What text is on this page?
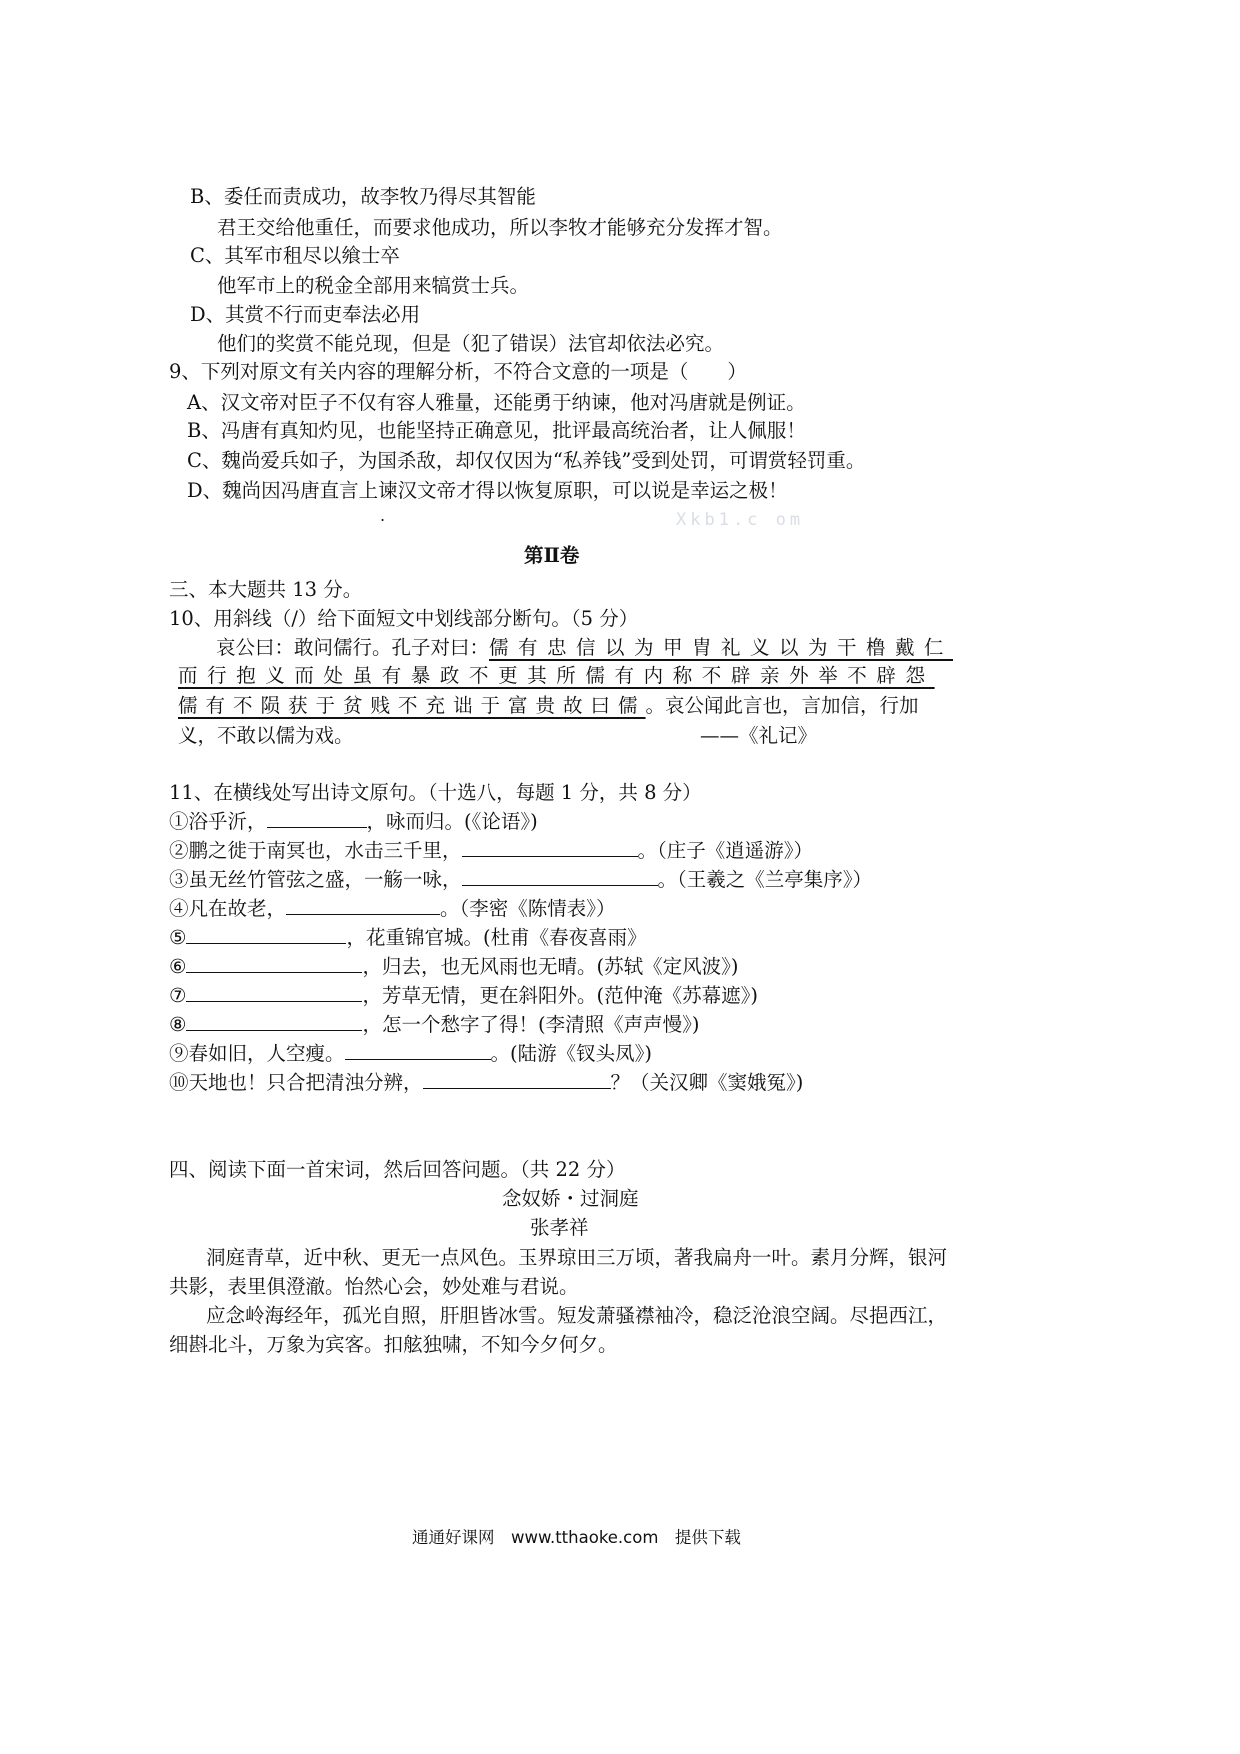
B、委任而责成功，故李牧乃得尽其智能
君王交给他重任，而要求他成功，所以李牧才能够充分发挥才智。
C、其军市租尽以飨士卒
他军市上的税金全部用来犒赏士兵。
D、其赏不行而吏奉法必用
他们的奖赏不能兑现，但是（犯了错误）法官却依法必究。
9、下列对原文有关内容的理解分析，不符合文意的一项是（　　）
A、汉文帝对臣子不仅有容人雅量，还能勇于纳谏，他对冯唐就是例证。
B、冯唐有真知灼见，也能坚持正确意见，批评最高统治者，让人佩服！
C、魏尚爱兵如子，为国杀敌，却仅仅因为“私养钱”受到处罚，可谓赏轻罚重。
D、魏尚因冯唐直言上谏汉文帝才得以恢复原职，可以说是幸运之极！
.	Xkb1.c om
第Ⅱ卷
三、本大题共 13 分。
10、用斜线（/）给下面短文中划线部分断句。（5 分）
哀公曰：敢问儒行。孔子对曰：儒有忠信以为甲胄礼义以为干橹戴仁
而行抱义而处虽有暴政不更其所儒有内称不辟亲外举不辟怨
儒有不陨获于贫贱不充诎于富贵故曰儒。哀公闻此言也，言加信，行加
义，不敢以儒为戏。	——《礼记》
11、在横线处写出诗文原句。（十选八，每题 1 分，共 8 分）
①浴乎沂，	，咏而归。(《论语》)
②鹏之徙于南冥也，水击三千里，	。（庄子《逍遥游》）
③虽无丝竹管弦之盛，一觞一咏，	。（王羲之《兰亭集序》）
④凡在故老，	。（李密《陈情表》）
⑤	，花重锦官城。(杜甫《春夜喜雨》
⑥	，归去，也无风雨也无晴。(苏轼《定风波》)
⑦	，芳草无情，更在斜阳外。(范仲淹《苏幕遮》)
⑧	，怎一个愁字了得！(李清照《声声慢》)
⑨春如旧，人空瘦。	。(陆游《钗头凤》)
⑩天地也！只合把清浊分辨，	？（关汉卿《窦娥冤》)
四、阅读下面一首宋词，然后回答问题。（共 22 分）
念奴娇・过洞庭
张孝祥
洞庭青草，近中秋、更无一点风色。玉界琼田三万顷，著我扁舟一叶。素月分辉，银河
共影，表里俱澄澈。怡然心会，妙处难与君说。
应念岭海经年，孤光自照，肝胆皆冰雪。短发萧骚襟袖冷，稳泛沧浪空阔。尽挹西江，
细斟北斗，万象为宾客。扣舷独啸，不知今夕何夕。
通通好课网　www.tthaoke.com　提供下载
